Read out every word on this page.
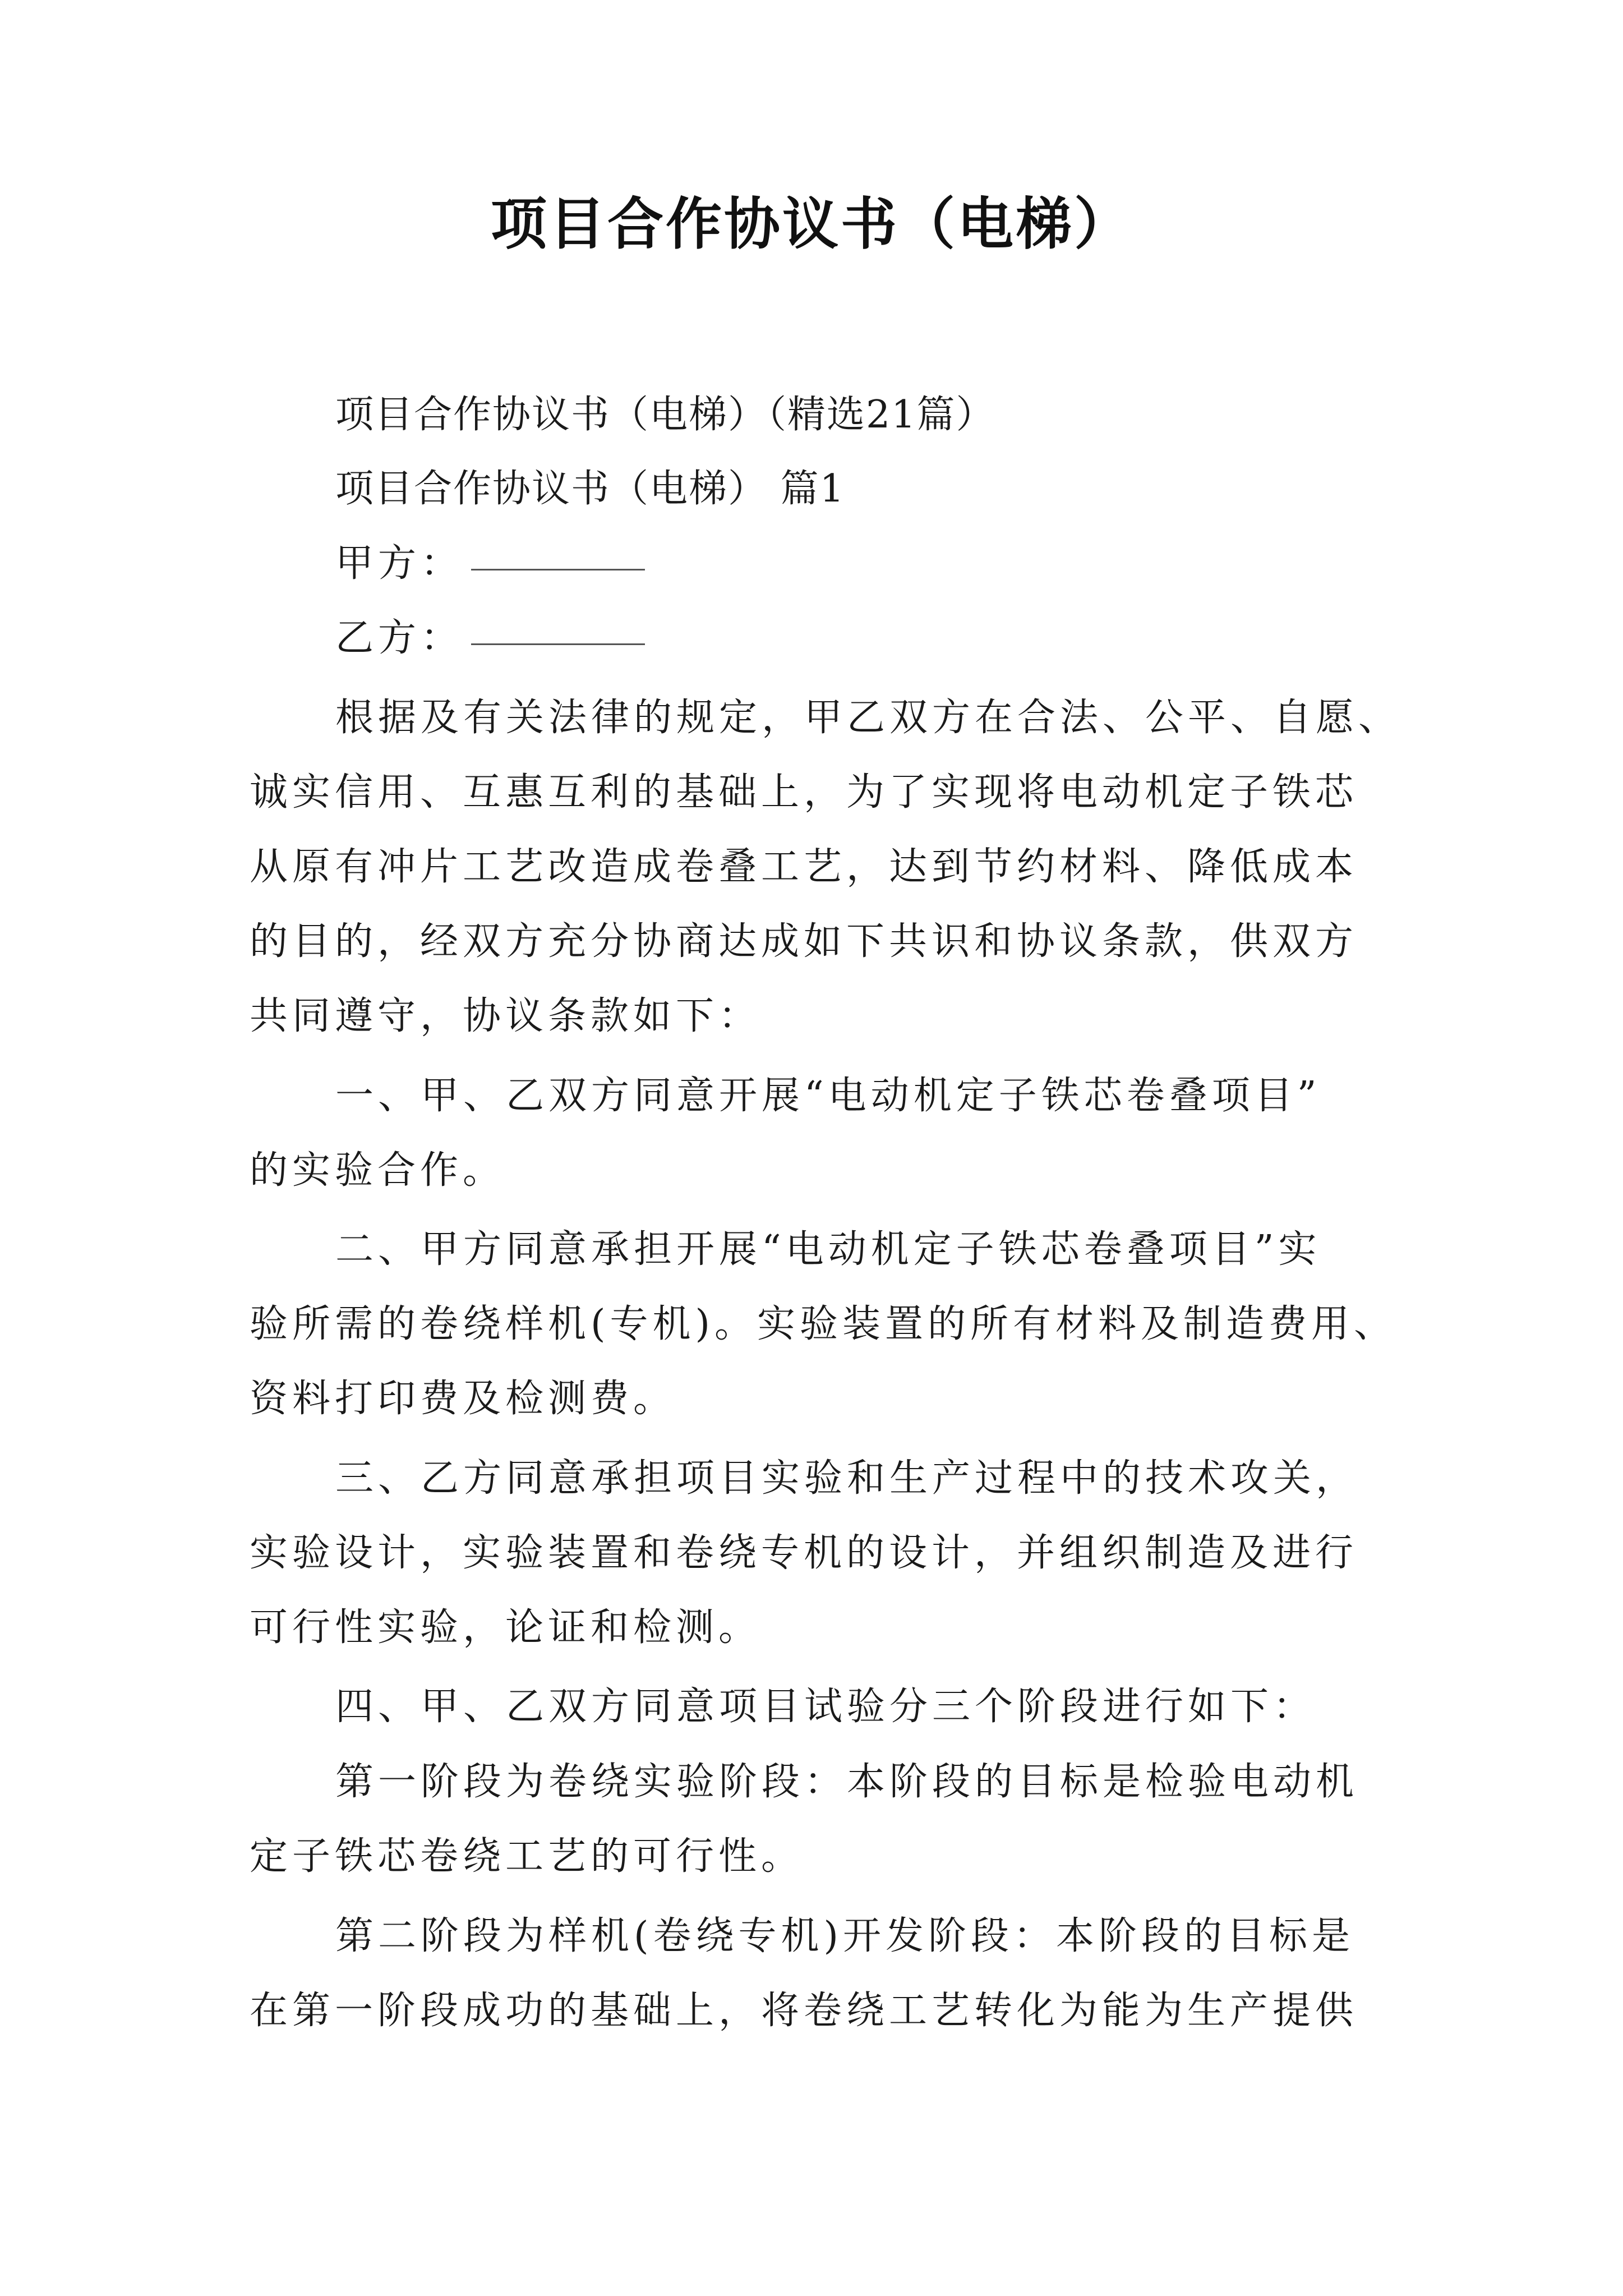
项目合作协议书（电梯）
项目合作协议书（电梯）（精选21篇）
项目合作协议书（电梯） 篇1
甲方：
乙方：
根据及有关法律的规定，甲乙双方在合法、公平、自愿、
诚实信用、互惠互利的基础上，为了实现将电动机定子铁芯
从原有冲片工艺改造成卷叠工艺，达到节约材料、降低成本
的目的，经双方充分协商达成如下共识和协议条款，供双方
共同遵守，协议条款如下：
一、甲、乙双方同意开展“电动机定子铁芯卷叠项目”
的实验合作。
二、甲方同意承担开展“电动机定子铁芯卷叠项目”实
验所需的卷绕样机(专机)。实验装置的所有材料及制造费用、
资料打印费及检测费。
三、乙方同意承担项目实验和生产过程中的技术攻关，
实验设计，实验装置和卷绕专机的设计，并组织制造及进行
可行性实验，论证和检测。
四、甲、乙双方同意项目试验分三个阶段进行如下：
第一阶段为卷绕实验阶段：本阶段的目标是检验电动机
定子铁芯卷绕工艺的可行性。
第二阶段为样机(卷绕专机)开发阶段：本阶段的目标是
在第一阶段成功的基础上，将卷绕工艺转化为能为生产提供
